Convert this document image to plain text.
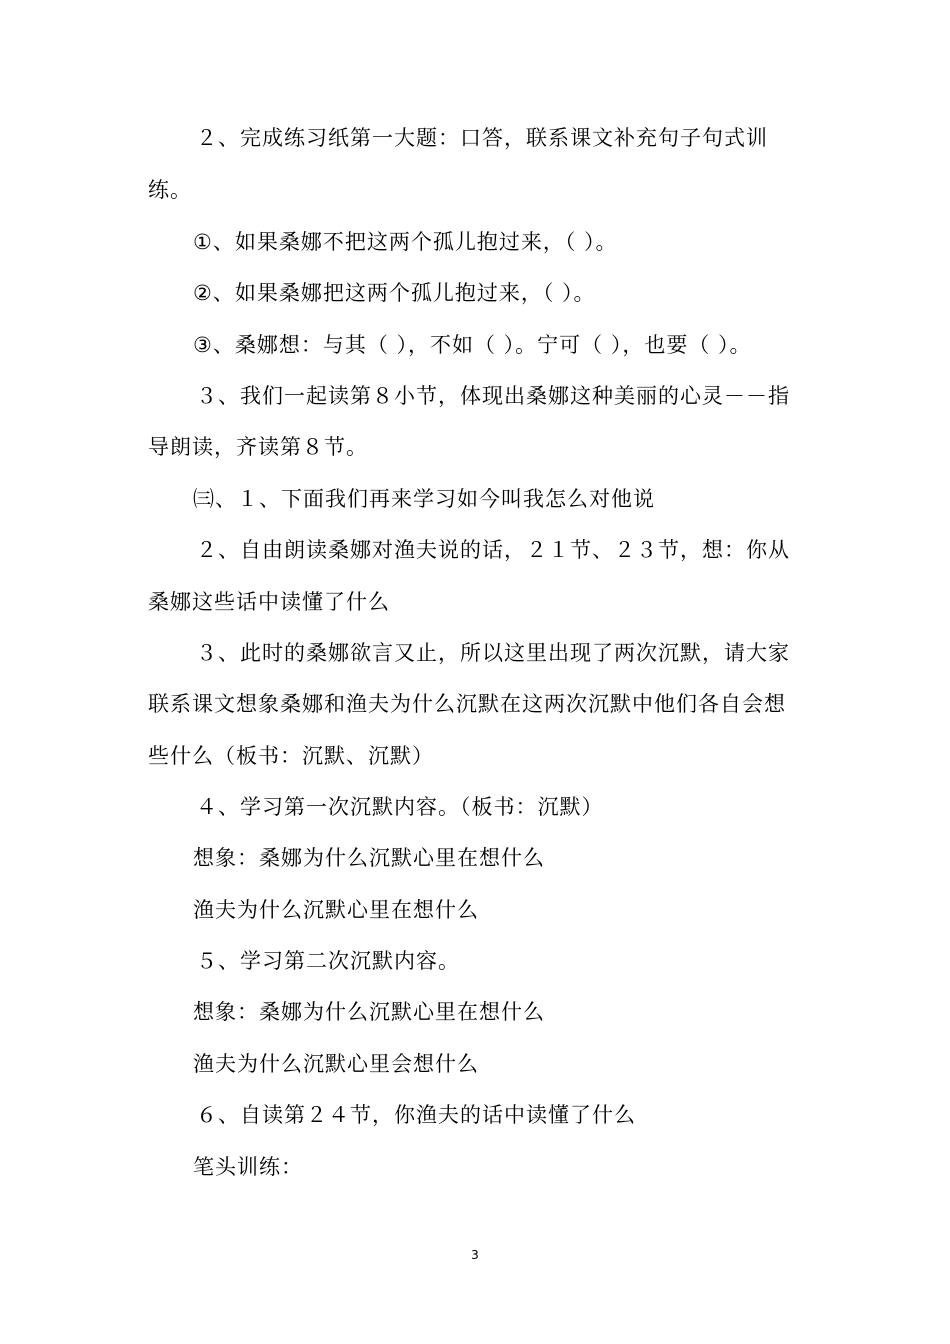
２、完成练习纸第一大题：口答，联系课文补充句子句式训
练。
①、如果桑娜不把这两个孤儿抱过来，（ ）。
②、如果桑娜把这两个孤儿抱过来，（ ）。
③、桑娜想：与其（ ），不如（ ）。宁可（ ），也要（ ）。
３、我们一起读第８小节，体现出桑娜这种美丽的心灵－－指
导朗读，齐读第８节。
㈢、１、下面我们再来学习如今叫我怎么对他说
２、自由朗读桑娜对渔夫说的话，２１节、２３节，想：你从
桑娜这些话中读懂了什么
３、此时的桑娜欲言又止，所以这里出现了两次沉默，请大家
联系课文想象桑娜和渔夫为什么沉默在这两次沉默中他们各自会想
些什么（板书：沉默、沉默）
４、学习第一次沉默内容。（板书：沉默）
想象：桑娜为什么沉默心里在想什么
渔夫为什么沉默心里在想什么
５、学习第二次沉默内容。
想象：桑娜为什么沉默心里在想什么
渔夫为什么沉默心里会想什么
６、自读第２４节，你渔夫的话中读懂了什么
笔头训练：
3
